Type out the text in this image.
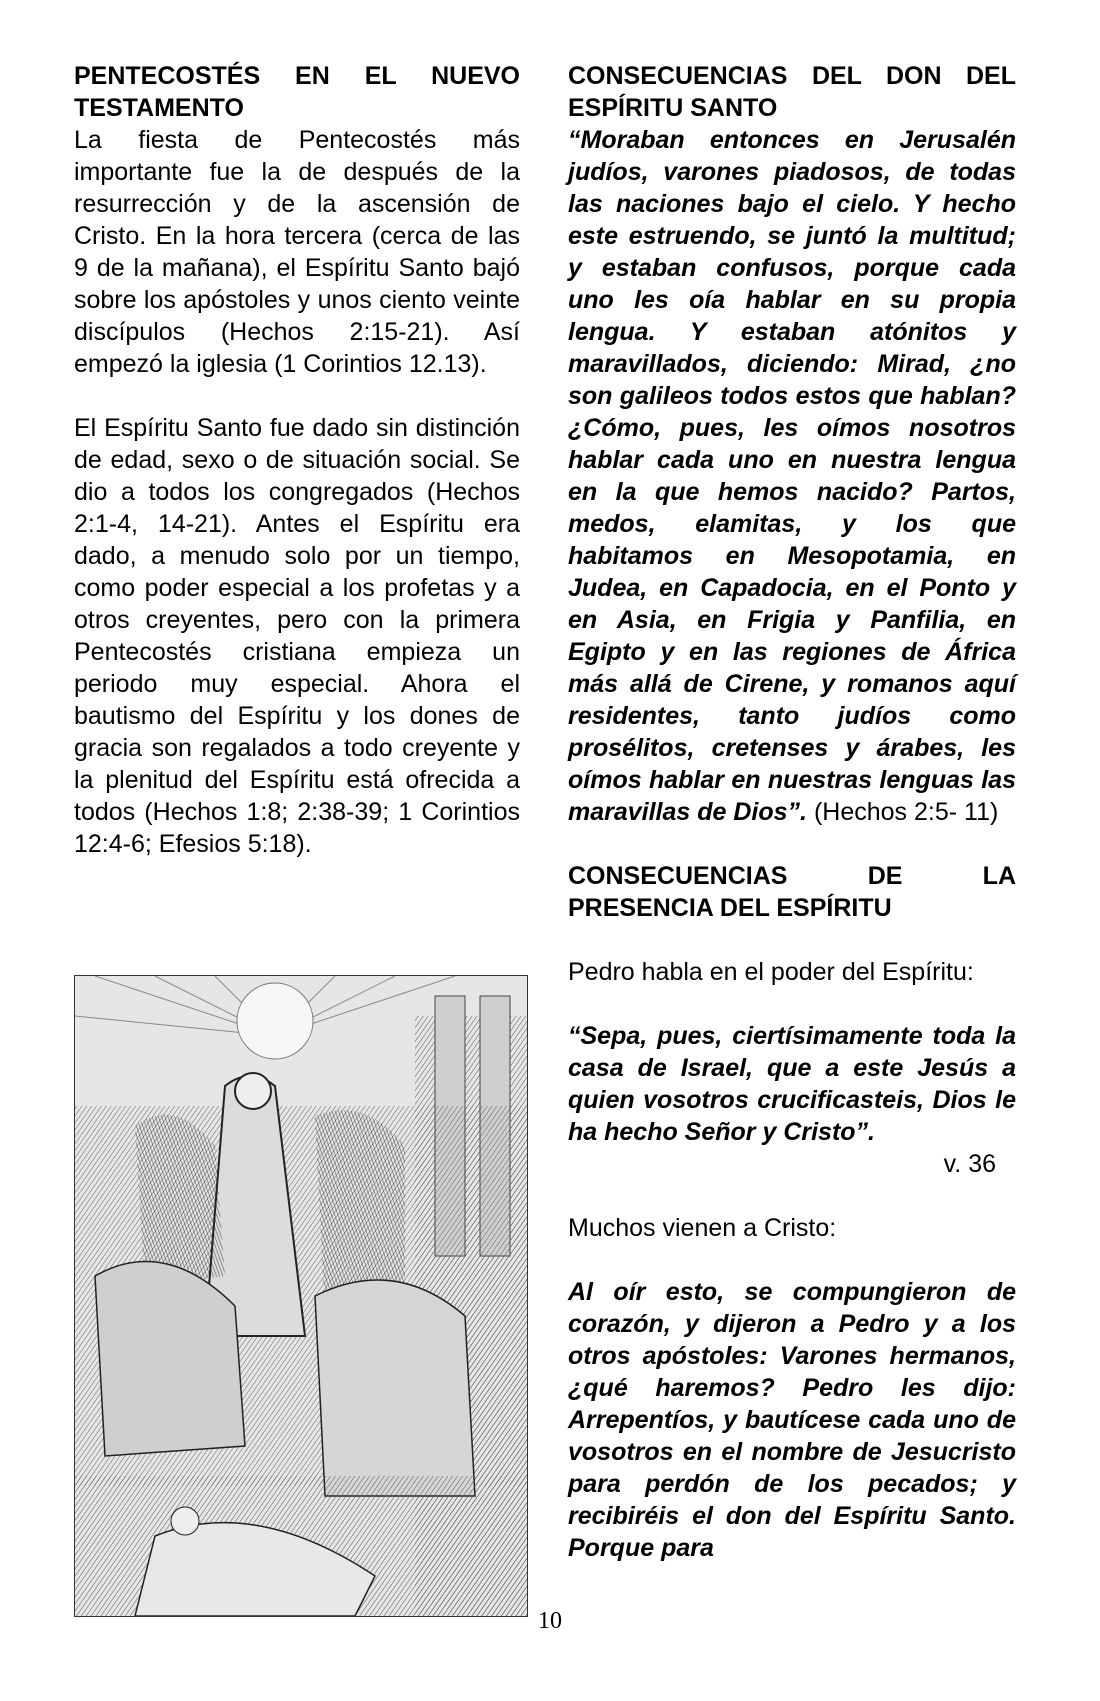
PENTECOSTÉS EN EL NUEVO TESTAMENTO

La fiesta de Pentecostés más importante fue la de después de la resurrección y de la ascensión de Cristo. En la hora tercera (cerca de las 9 de la mañana), el Espíritu Santo bajó sobre los apóstoles y unos ciento veinte discípulos (Hechos 2:15-21). Así empezó la iglesia (1 Corintios 12.13).

El Espíritu Santo fue dado sin distinción de edad, sexo o de situación social. Se dio a todos los congregados (Hechos 2:1-4, 14-21). Antes el Espíritu era dado, a menudo solo por un tiempo, como poder especial a los profetas y a otros creyentes, pero con la primera Pentecostés cristiana empieza un periodo muy especial. Ahora el bautismo del Espíritu y los dones de gracia son regalados a todo creyente y la plenitud del Espíritu está ofrecida a todos (Hechos 1:8; 2:38-39; 1 Corintios 12:4-6; Efesios 5:18).

CONSECUENCIAS DEL DON DEL ESPÍRITU SANTO

“Moraban entonces en Jerusalén judíos, varones piadosos, de todas las naciones bajo el cielo. Y hecho este estruendo, se juntó la multitud; y estaban confusos, porque cada uno les oía hablar en su propia lengua. Y estaban atónitos y maravillados, diciendo: Mirad, ¿no son galileos todos estos que hablan? ¿Cómo, pues, les oímos nosotros hablar cada uno en nuestra lengua en la que hemos nacido? Partos, medos, elamitas, y los que habitamos en Mesopotamia, en Judea, en Capadocia, en el Ponto y en Asia, en Frigia y Panfilia, en Egipto y en las regiones de África más allá de Cirene, y romanos aquí residentes, tanto judíos como prosélitos, cretenses y árabes, les oímos hablar en nuestras lenguas las maravillas de Dios”. (Hechos 2:5- 11)

CONSECUENCIAS DE LA PRESENCIA DEL ESPÍRITU

Pedro habla en el poder del Espíritu:

“Sepa, pues, ciertísimamente toda la casa de Israel, que a este Jesús a quien vosotros crucificasteis, Dios le ha hecho Señor y Cristo”.

v. 36

Muchos vienen a Cristo:

Al oír esto, se compungieron de corazón, y dijeron a Pedro y a los otros apóstoles: Varones hermanos, ¿qué haremos? Pedro les dijo: Arrepentíos, y bautícese cada uno de vosotros en el nombre de Jesucristo para perdón de los pecados; y recibiréis el don del Espíritu Santo. Porque para

10
